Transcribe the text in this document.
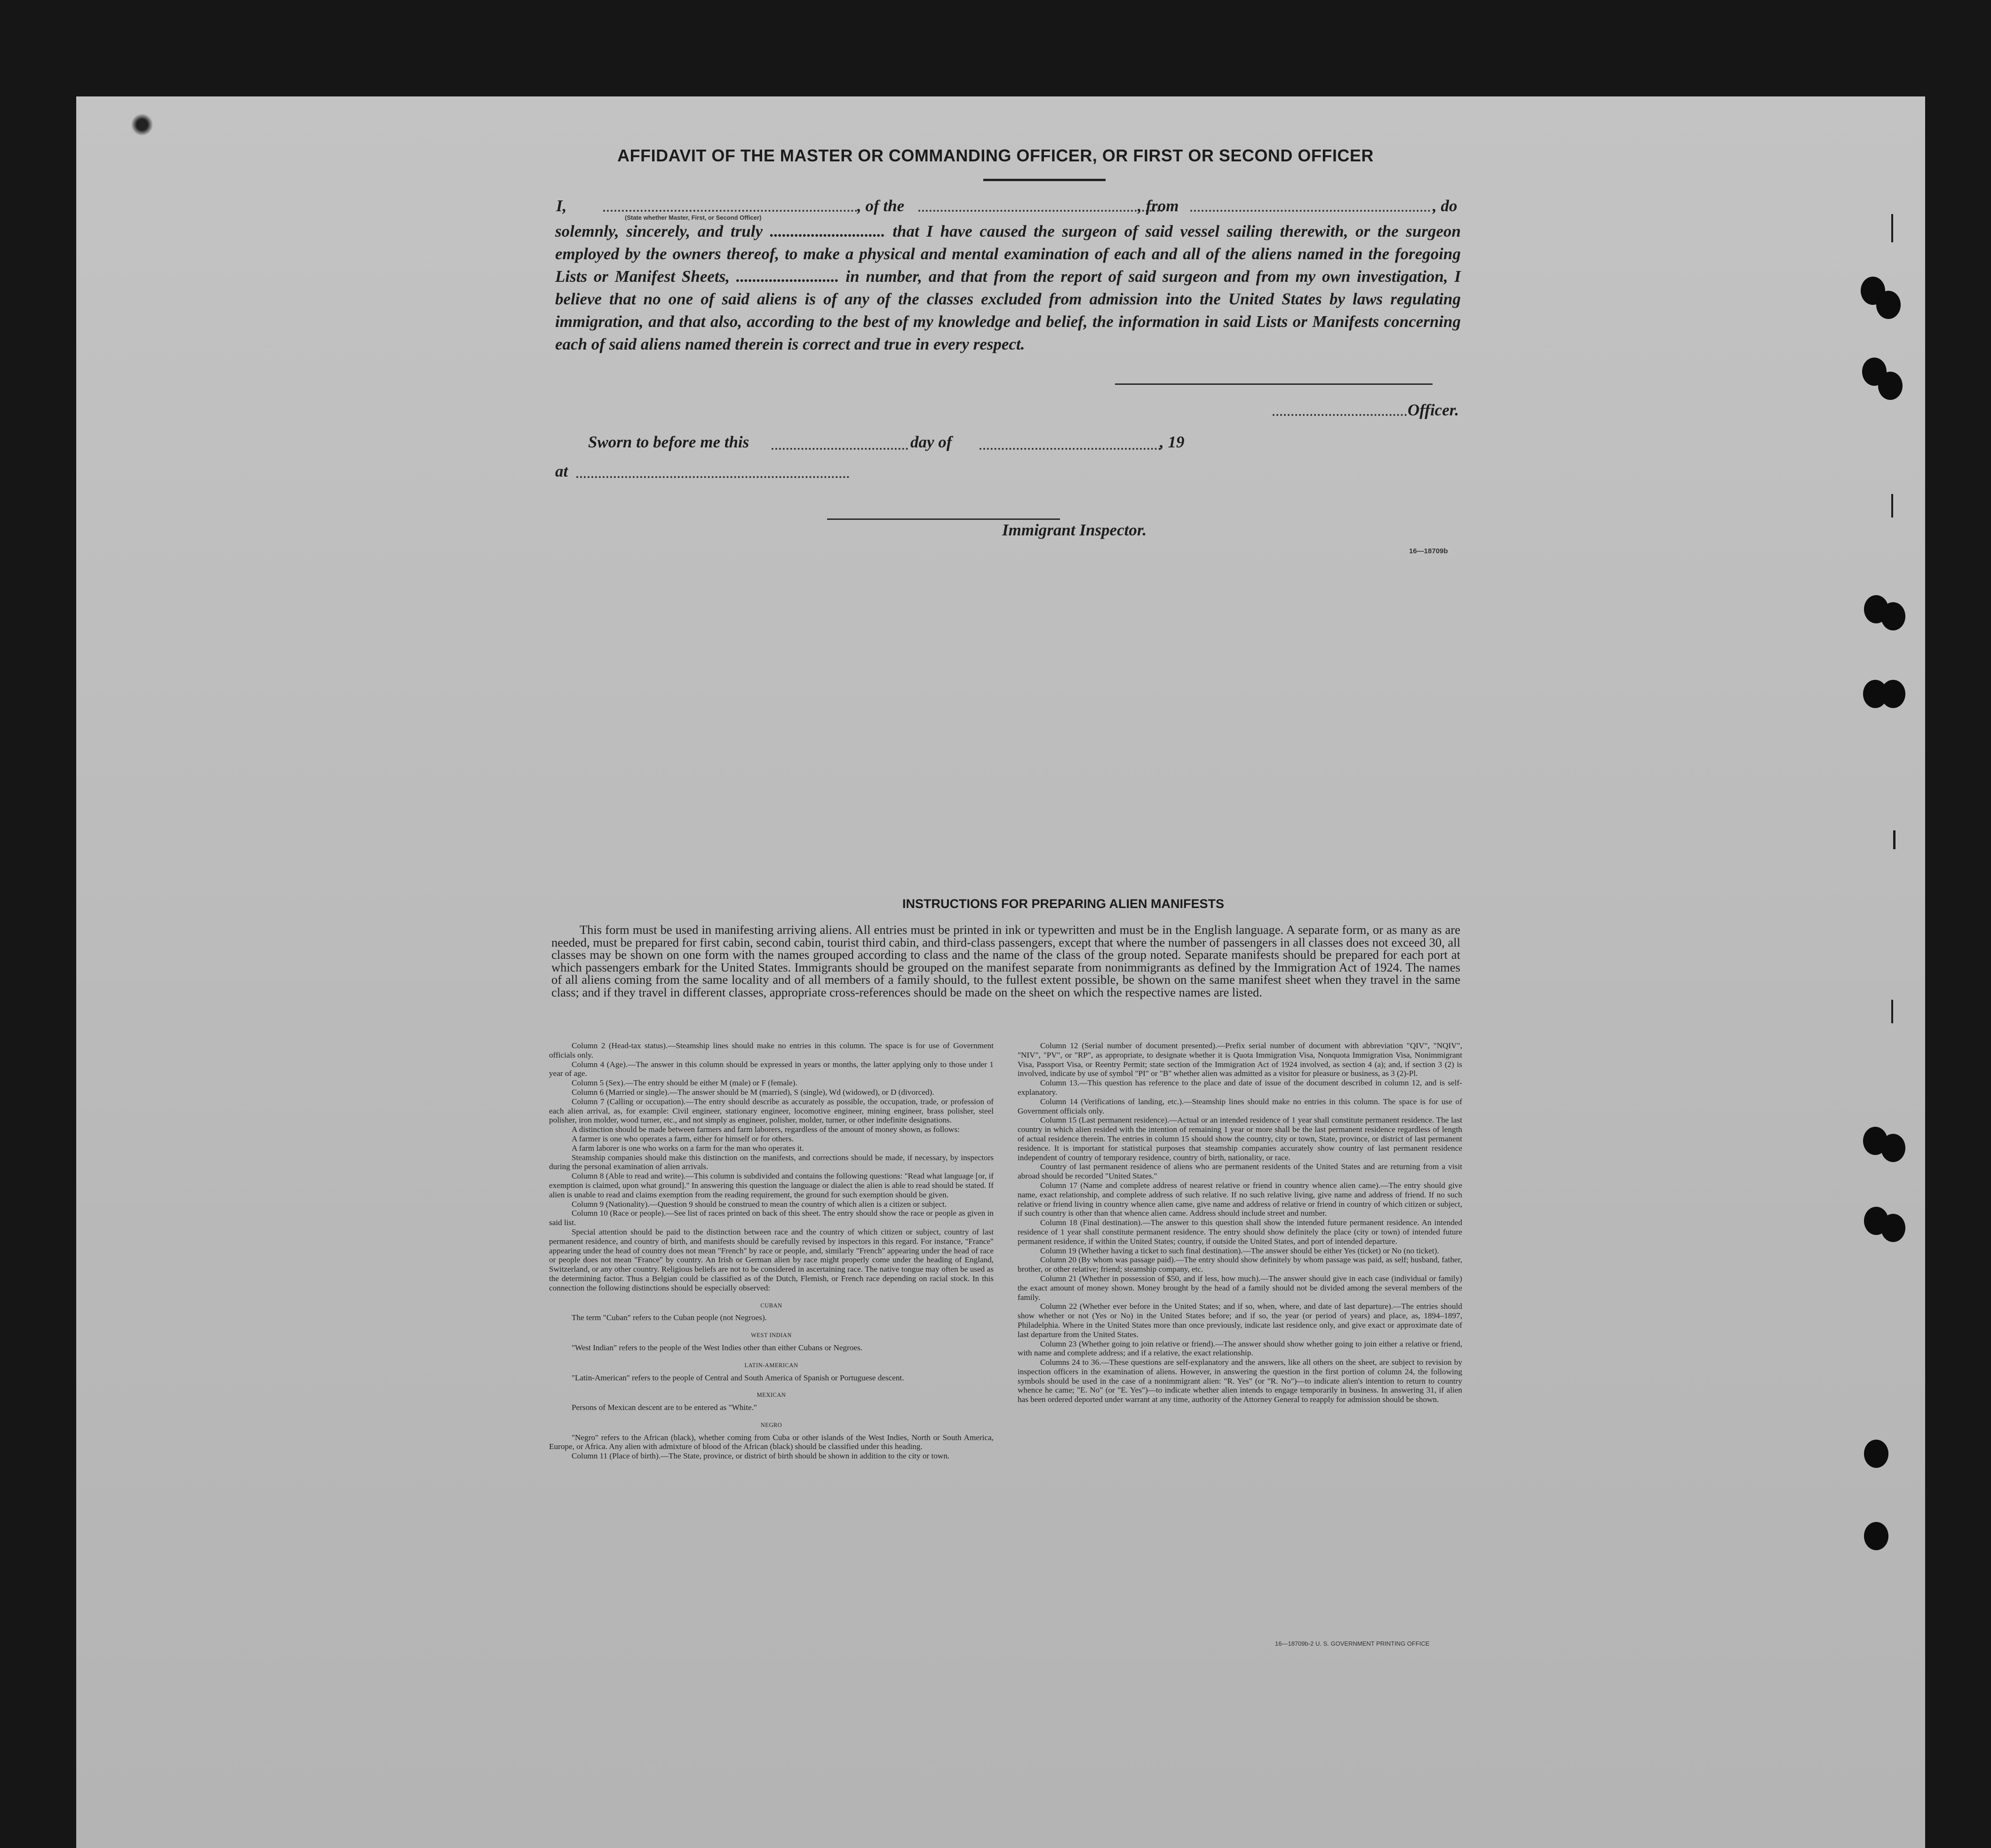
AFFIDAVIT OF THE MASTER OR COMMANDING OFFICER, OR FIRST OR SECOND OFFICER
I,	, of the	, from	, do
(State whether Master, First, or Second Officer)
solemnly, sincerely, and truly ............................ that I have caused the surgeon of said vessel sailing therewith, or the surgeon employed by the owners thereof, to make a physical and mental examination of each and all of the aliens named in the foregoing Lists or Manifest Sheets, ......................... in number, and that from the report of said surgeon and from my own investigation, I believe that no one of said aliens is of any of the classes excluded from admission into the United States by laws regulating immigration, and that also, according to the best of my knowledge and belief, the information in said Lists or Manifests concerning each of said aliens named therein is correct and true in every respect.
Officer.
Sworn to before me this	day of	, 19
at
Immigrant Inspector.
16—18709b
INSTRUCTIONS FOR PREPARING ALIEN MANIFESTS

This form must be used in manifesting arriving aliens. All entries must be printed in ink or typewritten and must be in the English language. A separate form, or as many as are needed, must be prepared for first cabin, second cabin, tourist third cabin, and third-class passengers, except that where the number of passengers in all classes does not exceed 30, all classes may be shown on one form with the names grouped according to class and the name of the class of the group noted. Separate manifests should be prepared for each port at which passengers embark for the United States. Immigrants should be grouped on the manifest separate from nonimmigrants as defined by the Immigration Act of 1924. The names of all aliens coming from the same locality and of all members of a family should, to the fullest extent possible, be shown on the same manifest sheet when they travel in the same class; and if they travel in different classes, appropriate cross-references should be made on the sheet on which the respective names are listed.

Column 2 (Head-tax status).—Steamship lines should make no entries in this column. The space is for use of Government officials only.

Column 4 (Age).—The answer in this column should be expressed in years or months, the latter applying only to those under 1 year of age.

Column 5 (Sex).—The entry should be either M (male) or F (female).

Column 6 (Married or single).—The answer should be M (married), S (single), Wd (widowed), or D (divorced).

Column 7 (Calling or occupation).—The entry should describe as accurately as possible, the occupation, trade, or profession of each alien arrival, as, for example: Civil engineer, stationary engineer, locomotive engineer, mining engineer, brass polisher, steel polisher, iron molder, wood turner, etc., and not simply as engineer, polisher, molder, turner, or other indefinite designations.

A distinction should be made between farmers and farm laborers, regardless of the amount of money shown, as follows:

A farmer is one who operates a farm, either for himself or for others.

A farm laborer is one who works on a farm for the man who operates it.

Steamship companies should make this distinction on the manifests, and corrections should be made, if necessary, by inspectors during the personal examination of alien arrivals.

Column 8 (Able to read and write).—This column is subdivided and contains the following questions: "Read what language [or, if exemption is claimed, upon what ground]." In answering this question the language or dialect the alien is able to read should be stated. If alien is unable to read and claims exemption from the reading requirement, the ground for such exemption should be given.

Column 9 (Nationality).—Question 9 should be construed to mean the country of which alien is a citizen or subject.

Column 10 (Race or people).—See list of races printed on back of this sheet. The entry should show the race or people as given in said list.

Special attention should be paid to the distinction between race and the country of which citizen or subject, country of last permanent residence, and country of birth, and manifests should be carefully revised by inspectors in this regard. For instance, "France" appearing under the head of country does not mean "French" by race or people, and, similarly "French" appearing under the head of race or people does not mean "France" by country. An Irish or German alien by race might properly come under the heading of England, Switzerland, or any other country. Religious beliefs are not to be considered in ascertaining race. The native tongue may often be used as the determining factor. Thus a Belgian could be classified as of the Dutch, Flemish, or French race depending on racial stock. In this connection the following distinctions should be especially observed:

CUBAN

The term "Cuban" refers to the Cuban people (not Negroes).

WEST INDIAN

"West Indian" refers to the people of the West Indies other than either Cubans or Negroes.

LATIN-AMERICAN

"Latin-American" refers to the people of Central and South America of Spanish or Portuguese descent.

MEXICAN

Persons of Mexican descent are to be entered as "White."

NEGRO

"Negro" refers to the African (black), whether coming from Cuba or other islands of the West Indies, North or South America, Europe, or Africa. Any alien with admixture of blood of the African (black) should be classified under this heading.

Column 11 (Place of birth).—The State, province, or district of birth should be shown in addition to the city or town.

Column 12 (Serial number of document presented).—Prefix serial number of document with abbreviation "QIV", "NQIV", "NIV", "PV", or "RP", as appropriate, to designate whether it is Quota Immigration Visa, Nonquota Immigration Visa, Nonimmigrant Visa, Passport Visa, or Reentry Permit; state section of the Immigration Act of 1924 involved, as section 4 (a); and, if section 3 (2) is involved, indicate by use of symbol "PI" or "B" whether alien was admitted as a visitor for pleasure or business, as 3 (2)-Pl.

Column 13.—This question has reference to the place and date of issue of the document described in column 12, and is self-explanatory.

Column 14 (Verifications of landing, etc.).—Steamship lines should make no entries in this column. The space is for use of Government officials only.

Column 15 (Last permanent residence).—Actual or an intended residence of 1 year shall constitute permanent residence. The last country in which alien resided with the intention of remaining 1 year or more shall be the last permanent residence regardless of length of actual residence therein. The entries in column 15 should show the country, city or town, State, province, or district of last permanent residence. It is important for statistical purposes that steamship companies accurately show country of last permanent residence independent of country of temporary residence, country of birth, nationality, or race.

Country of last permanent residence of aliens who are permanent residents of the United States and are returning from a visit abroad should be recorded "United States."

Column 17 (Name and complete address of nearest relative or friend in country whence alien came).—The entry should give name, exact relationship, and complete address of such relative. If no such relative living, give name and address of friend. If no such relative or friend living in country whence alien came, give name and address of relative or friend in country of which citizen or subject, if such country is other than that whence alien came. Address should include street and number.

Column 18 (Final destination).—The answer to this question shall show the intended future permanent residence. An intended residence of 1 year shall constitute permanent residence. The entry should show definitely the place (city or town) of intended future permanent residence, if within the United States; country, if outside the United States, and port of intended departure.

Column 19 (Whether having a ticket to such final destination).—The answer should be either Yes (ticket) or No (no ticket).

Column 20 (By whom was passage paid).—The entry should show definitely by whom passage was paid, as self; husband, father, brother, or other relative; friend; steamship company, etc.

Column 21 (Whether in possession of $50, and if less, how much).—The answer should give in each case (individual or family) the exact amount of money shown. Money brought by the head of a family should not be divided among the several members of the family.

Column 22 (Whether ever before in the United States; and if so, when, where, and date of last departure).—The entries should show whether or not (Yes or No) in the United States before; and if so, the year (or period of years) and place, as, 1894–1897, Philadelphia. Where in the United States more than once previously, indicate last residence only, and give exact or approximate date of last departure from the United States.

Column 23 (Whether going to join relative or friend).—The answer should show whether going to join either a relative or friend, with name and complete address; and if a relative, the exact relationship.

Columns 24 to 36.—These questions are self-explanatory and the answers, like all others on the sheet, are subject to revision by inspection officers in the examination of aliens. However, in answering the question in the first portion of column 24, the following symbols should be used in the case of a nonimmigrant alien: "R. Yes" (or "R. No")—to indicate alien's intention to return to country whence he came; "E. No" (or "E. Yes")—to indicate whether alien intends to engage temporarily in business. In answering 31, if alien has been ordered deported under warrant at any time, authority of the Attorney General to reapply for admission should be shown.

16—18709b-2 U. S. GOVERNMENT PRINTING OFFICE
